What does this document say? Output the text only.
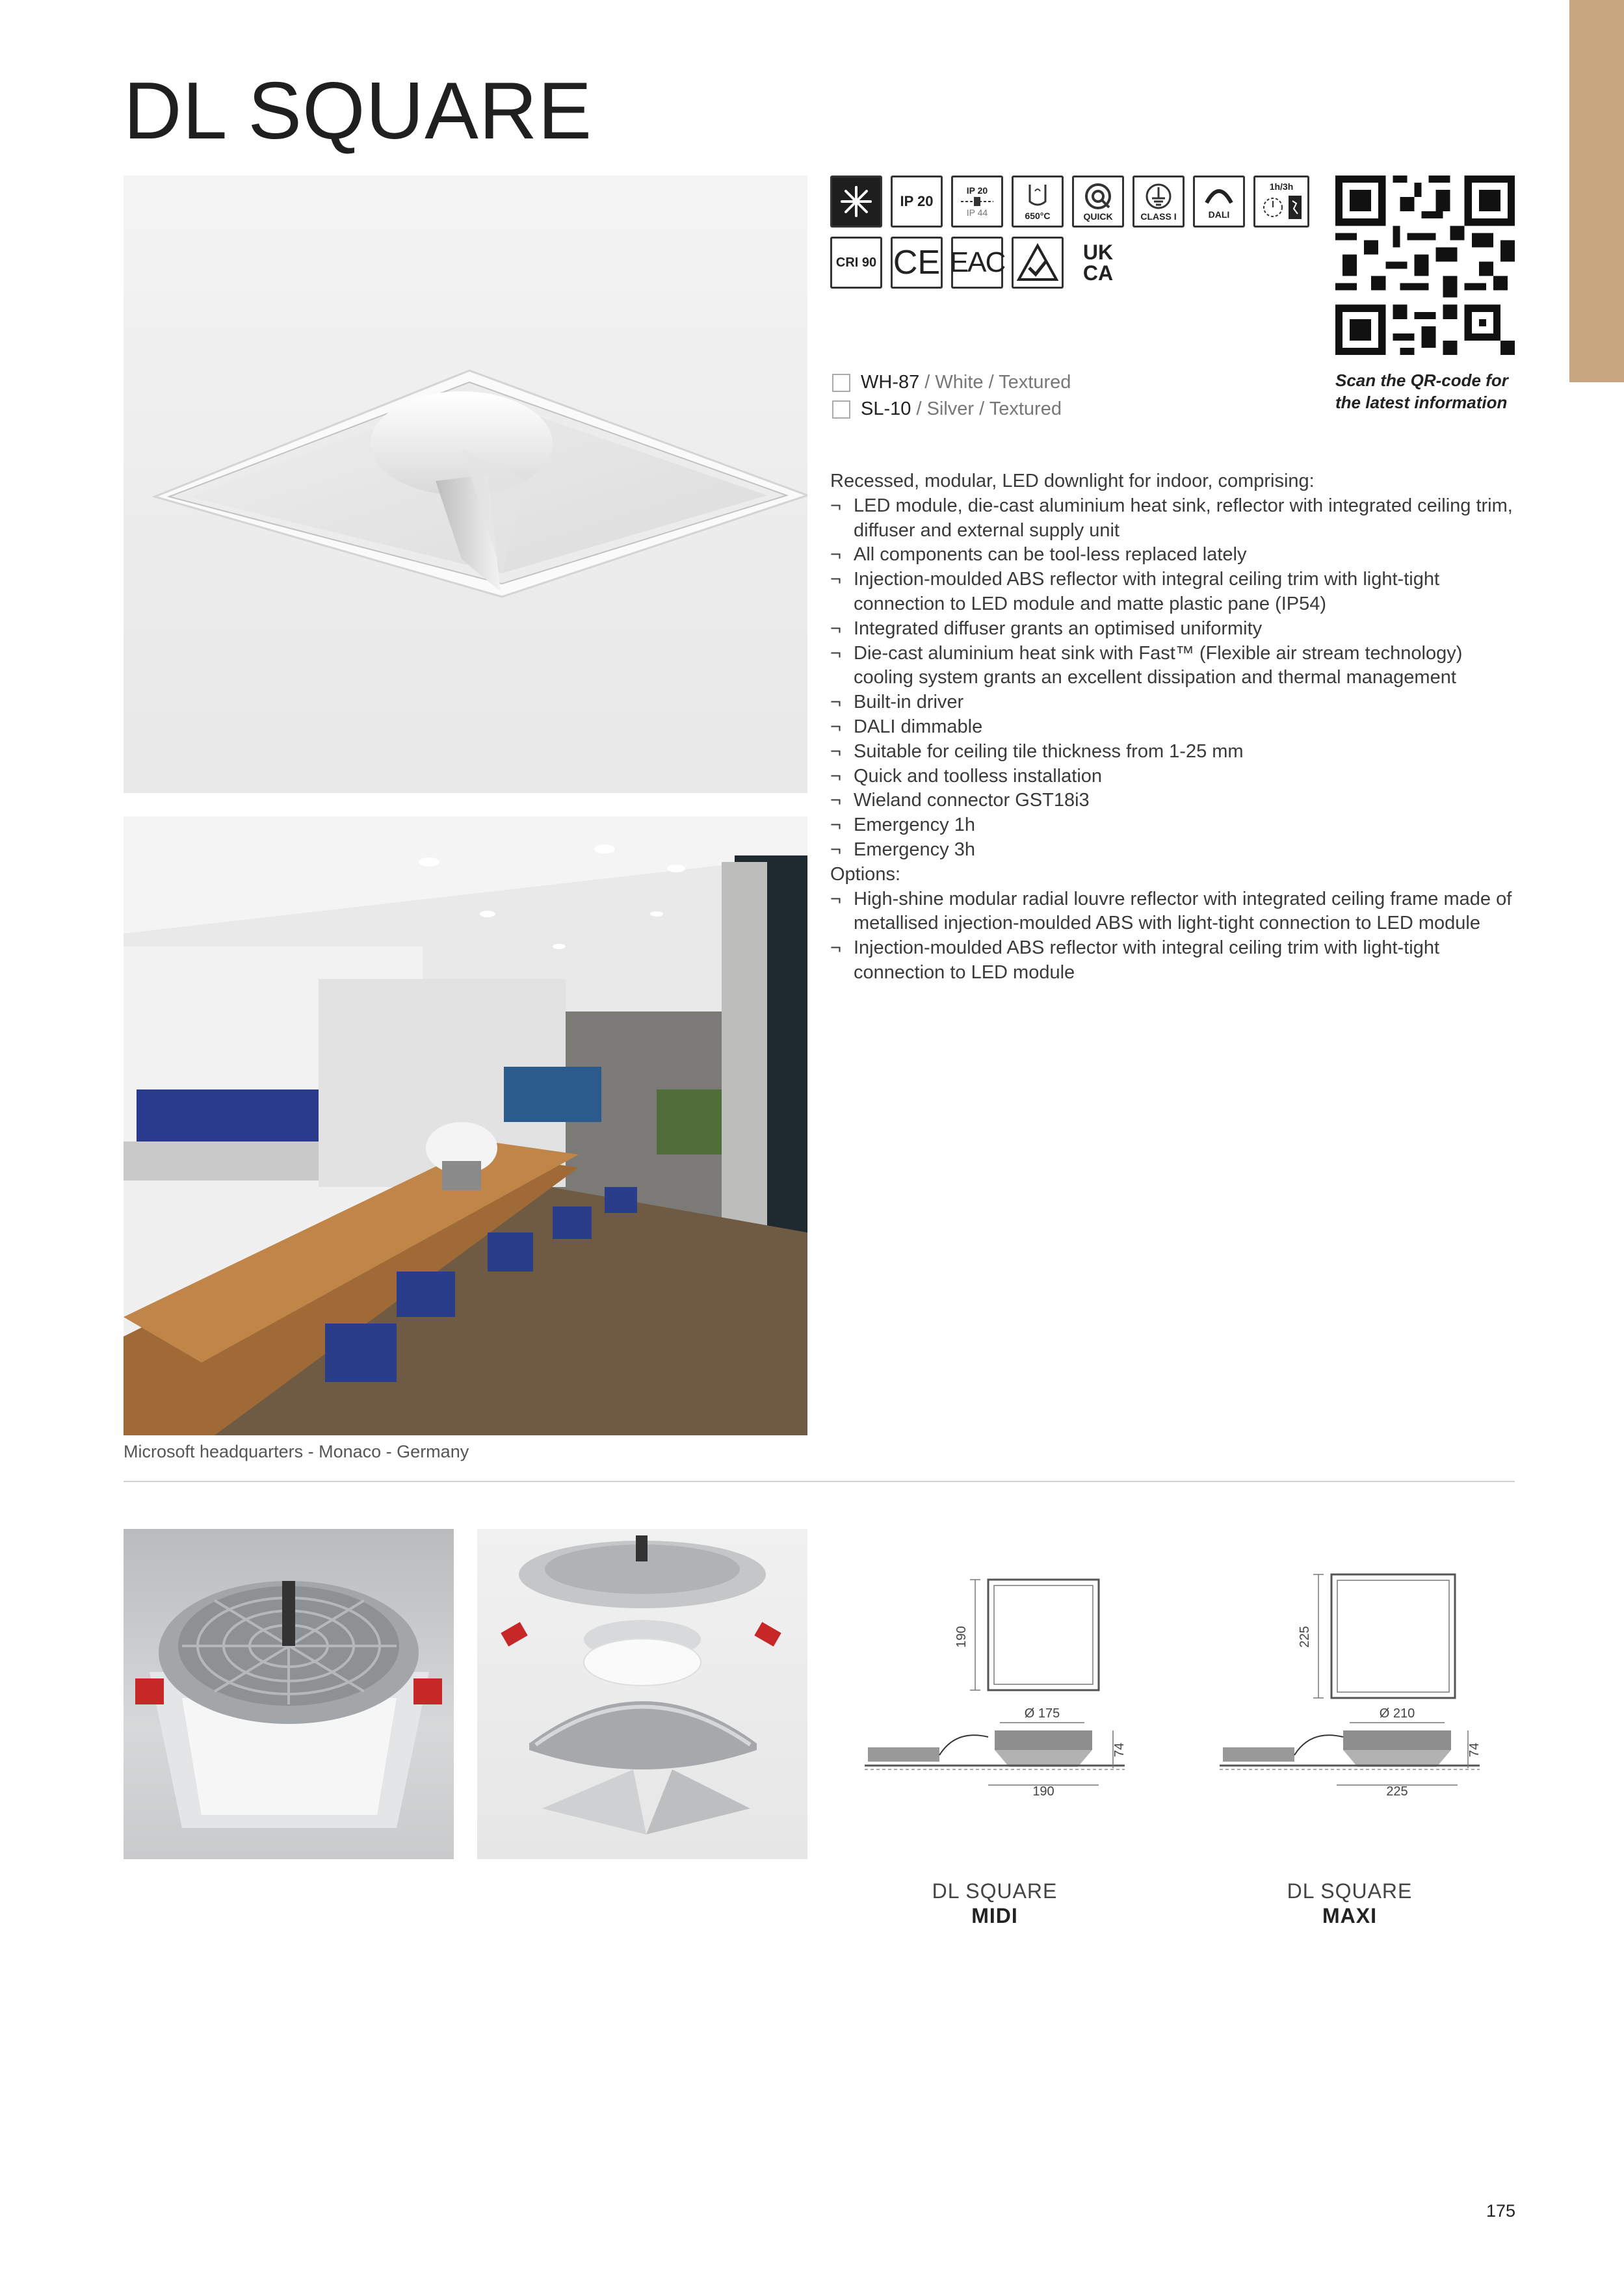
DL SQUARE
Microsoft headquarters - Monaco - Germany
IP 20
IP 20
IP 44	650°C	QUICK	CLASS I	DALI
1h/3h
CRI 90 CE EAC	UK
CA
Scan the QR-code for
the latest information
WH-87 / White / Textured
SL-10 / Silver / Textured

Recessed, modular, LED downlight for indoor, comprising:

¬ LED module, die-cast aluminium heat sink, reflector with integrated ceiling trim, diffuser and external supply unit
¬ All components can be tool-less replaced lately
¬ Injection-moulded ABS reflector with integral ceiling trim with light-tight connection to LED module and matte plastic pane (IP54)
¬ Integrated diffuser grants an optimised uniformity
¬ Die-cast aluminium heat sink with Fast™ (Flexible air stream technology) cooling system grants an excellent dissipation and thermal management
¬ Built-in driver
¬ DALI dimmable
¬ Suitable for ceiling tile thickness from 1-25 mm
¬ Quick and toolless installation
¬ Wieland connector GST18i3
¬ Emergency 1h
¬ Emergency 3h

Options:

¬ High-shine modular radial louvre reflector with integrated ceiling frame made of metallised injection-moulded ABS with light-tight connection to LED module
¬ Injection-moulded ABS reflector with integral ceiling trim with light-tight connection to LED module
190
Ø 175
74
190
DL SQUARE
MIDI
225
Ø 210
74
225
DL SQUARE
MAXI
175
